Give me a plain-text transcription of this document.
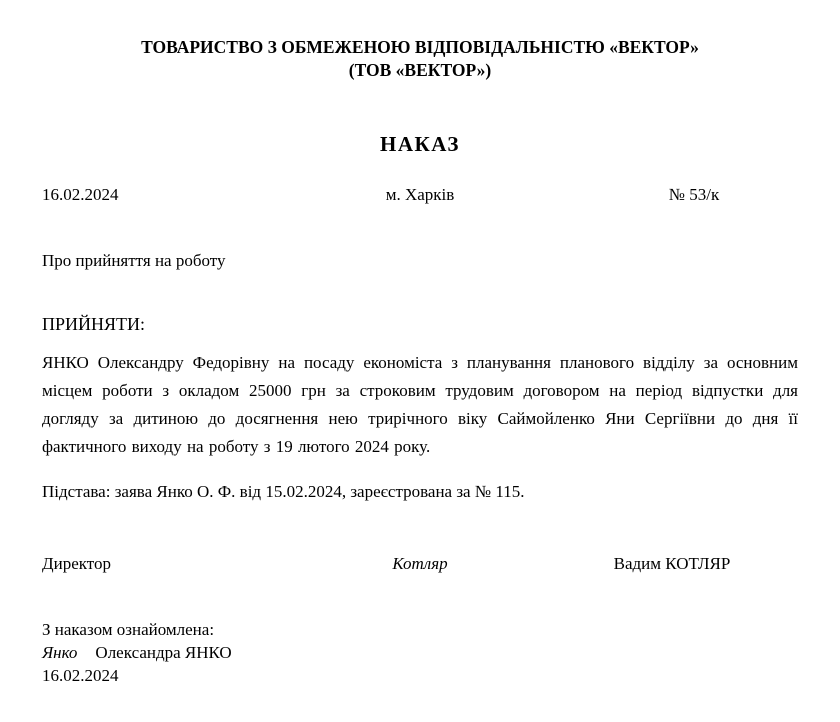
ТОВАРИСТВО З ОБМЕЖЕНОЮ ВІДПОВІДАЛЬНІСТЮ «ВЕКТОР»
(ТОВ «ВЕКТОР»)
НАКАЗ
16.02.2024	м. Харків	№ 53/к
Про прийняття на роботу
ПРИЙНЯТИ:

ЯНКО Олександру Федорівну на посаду економіста з планування планового відділу за основним місцем роботи з окладом 25000 грн за строковим трудовим договором на період відпустки для догляду за дитиною до досягнення нею трирічного віку Саймойленко Яни Сергіївни до дня її фактичного виходу на роботу з 19 лютого 2024 року.

Підстава: заява Янко О. Ф. від 15.02.2024, зареєстрована за № 115.
Директор	Котляр	Вадим КОТЛЯР
З наказом ознайомлена:
Янко Олександра ЯНКО
16.02.2024
